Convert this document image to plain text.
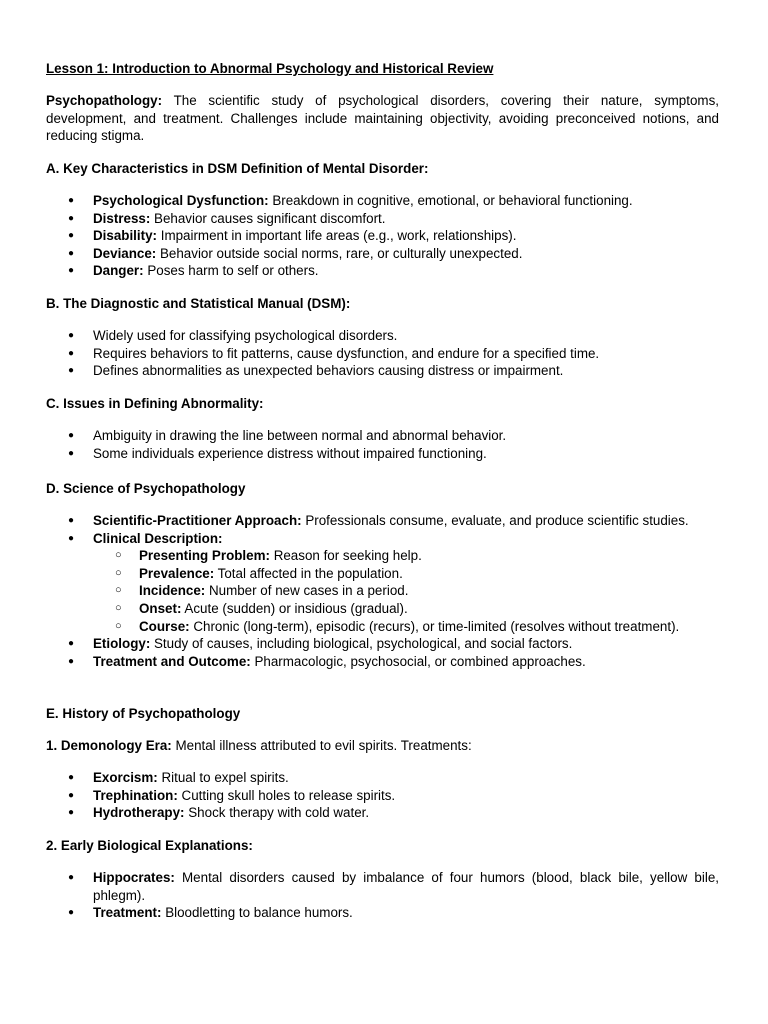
Lesson 1: Introduction to Abnormal Psychology and Historical Review

Psychopathology: The scientific study of psychological disorders, covering their nature, symptoms, development, and treatment. Challenges include maintaining objectivity, avoiding preconceived notions, and reducing stigma.

A. Key Characteristics in DSM Definition of Mental Disorder:

● Psychological Dysfunction: Breakdown in cognitive, emotional, or behavioral functioning.
● Distress: Behavior causes significant discomfort.
● Disability: Impairment in important life areas (e.g., work, relationships).
● Deviance: Behavior outside social norms, rare, or culturally unexpected.
● Danger: Poses harm to self or others.

B. The Diagnostic and Statistical Manual (DSM):

● Widely used for classifying psychological disorders.
● Requires behaviors to fit patterns, cause dysfunction, and endure for a specified time.
● Defines abnormalities as unexpected behaviors causing distress or impairment.

C. Issues in Defining Abnormality:

● Ambiguity in drawing the line between normal and abnormal behavior.
● Some individuals experience distress without impaired functioning.

D. Science of Psychopathology

● Scientific-Practitioner Approach: Professionals consume, evaluate, and produce scientific studies.
● Clinical Description:
○ Presenting Problem: Reason for seeking help.
○ Prevalence: Total affected in the population.
○ Incidence: Number of new cases in a period.
○ Onset: Acute (sudden) or insidious (gradual).
○ Course: Chronic (long-term), episodic (recurs), or time-limited (resolves without treatment).
● Etiology: Study of causes, including biological, psychological, and social factors.
● Treatment and Outcome: Pharmacologic, psychosocial, or combined approaches.

E. History of Psychopathology

1. Demonology Era: Mental illness attributed to evil spirits. Treatments:

● Exorcism: Ritual to expel spirits.
● Trephination: Cutting skull holes to release spirits.
● Hydrotherapy: Shock therapy with cold water.

2. Early Biological Explanations:

● Hippocrates: Mental disorders caused by imbalance of four humors (blood, black bile, yellow bile, phlegm).
● Treatment: Bloodletting to balance humors.
